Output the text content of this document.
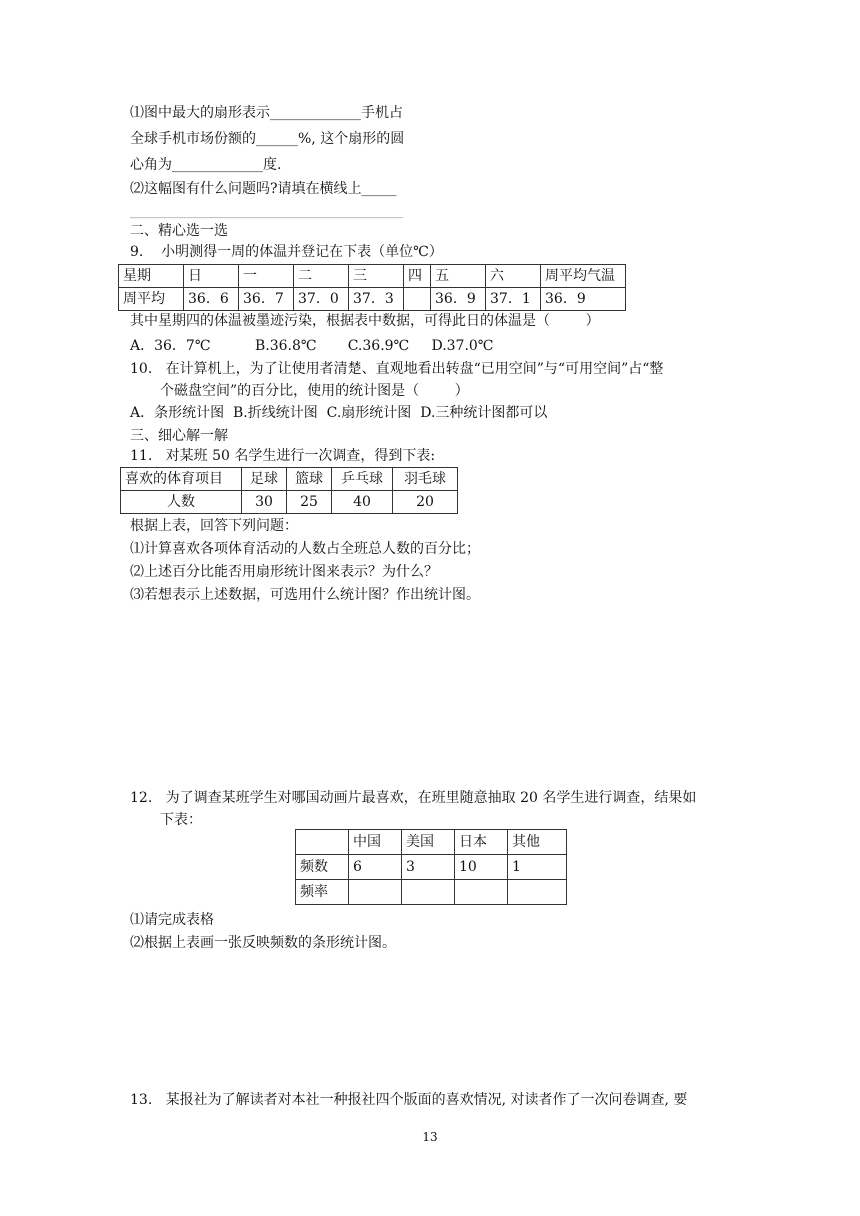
⑴图中最大的扇形表示_____________手机占
全球手机市场份额的______%, 这个扇形的圆
心角为_____________度.
⑵这幅图有什么问题吗?请填在横线上_____
_______________________________________
二、精心选一选
9.    小明测得一周的体温并登记在下表（单位℃）
星期	日	一	二	三	四	五	六	周平均气温
周平均	36．6	36．7	37．0	37．3		36．9	37．1	36．9
其中星期四的体温被墨迹污染，根据表中数据，可得此日的体温是（        ）
A．36．7℃          B.36.8℃       C.36.9℃     D.37.0℃
10.   在计算机上，为了让使用者清楚、直观地看出转盘“已用空间”与“可用空间”占“整
个磁盘空间”的百分比，使用的统计图是（        ）
A．条形统计图  B.折线统计图  C.扇形统计图  D.三种统计图都可以
三、细心解一解
11.   对某班 50 名学生进行一次调查，得到下表:
喜欢的体育项目	足球	篮球	乒乓球	羽毛球
人数	30	25	40	20
根据上表，回答下列问题：
⑴计算喜欢各项体育活动的人数占全班总人数的百分比；
⑵上述百分比能否用扇形统计图来表示？为什么？
⑶若想表示上述数据，可选用什么统计图？作出统计图。
12.   为了调查某班学生对哪国动画片最喜欢，在班里随意抽取 20 名学生进行调查，结果如
下表：
	中国	美国	日本	其他
频数	6	3	10	1
频率				
⑴请完成表格
⑵根据上表画一张反映频数的条形统计图。
13.   某报社为了解读者对本社一种报社四个版面的喜欢情况, 对读者作了一次问卷调查, 要
13
